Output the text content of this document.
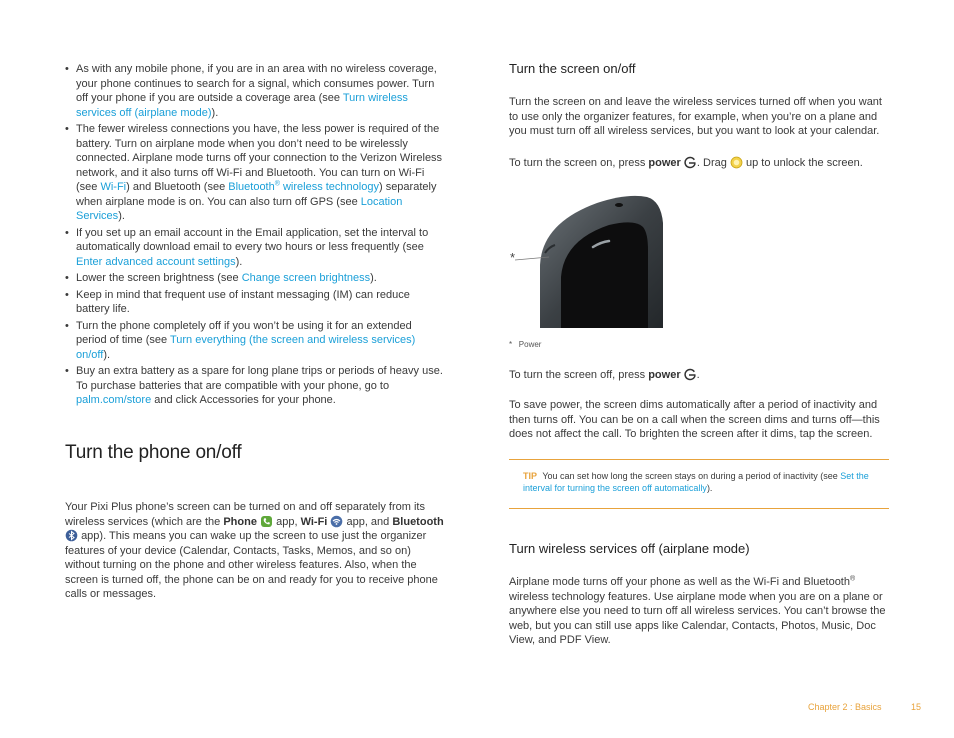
• As with any mobile phone, if you are in an area with no wireless coverage, your phone continues to search for a signal, which consumes power. Turn off your phone if you are outside a coverage area (see Turn wireless services off (airplane mode)).
• The fewer wireless connections you have, the less power is required of the battery. Turn on airplane mode when you don’t need to be wirelessly connected. Airplane mode turns off your connection to the Verizon Wireless network, and it also turns off Wi-Fi and Bluetooth. You can turn on Wi-Fi (see Wi-Fi) and Bluetooth (see Bluetooth® wireless technology) separately when airplane mode is on. You can also turn off GPS (see Location Services).
• If you set up an email account in the Email application, set the interval to automatically download email to every two hours or less frequently (see Enter advanced account settings).
• Lower the screen brightness (see Change screen brightness).
• Keep in mind that frequent use of instant messaging (IM) can reduce battery life.
• Turn the phone completely off if you won’t be using it for an extended period of time (see Turn everything (the screen and wireless services) on/off).
• Buy an extra battery as a spare for long plane trips or periods of heavy use. To purchase batteries that are compatible with your phone, go to palm.com/store and click Accessories for your phone.
Turn the phone on/off

Your Pixi Plus phone’s screen can be turned on and off separately from its wireless services (which are the Phone  app, Wi-Fi  app, and Bluetooth  app). This means you can wake up the screen to use just the organizer features of your device (Calendar, Contacts, Tasks, Memos, and so on) without turning on the phone and other wireless features. Also, when the screen is turned off, the phone can be on and ready for you to receive phone calls or messages.

Turn the screen on/off

Turn the screen on and leave the wireless services turned off when you want to use only the organizer features, for example, when you’re on a plane and you must turn off all wireless services, but you want to look at your calendar.

To turn the screen on, press power . Drag  up to unlock the screen.

*
* Power

To turn the screen off, press power .

To save power, the screen dims automatically after a period of inactivity and then turns off. You can be on a call when the screen dims and turns off—this does not affect the call. To brighten the screen after it dims, tap the screen.

TIP You can set how long the screen stays on during a period of inactivity (see Set the interval for turning the screen off automatically).
Turn wireless services off (airplane mode)

Airplane mode turns off your phone as well as the Wi-Fi and Bluetooth® wireless technology features. Use airplane mode when you are on a plane or anywhere else you need to turn off all wireless services. You can’t browse the web, but you can still use apps like Calendar, Contacts, Photos, Music, Doc View, and PDF View.

Chapter 2 : Basics	15
